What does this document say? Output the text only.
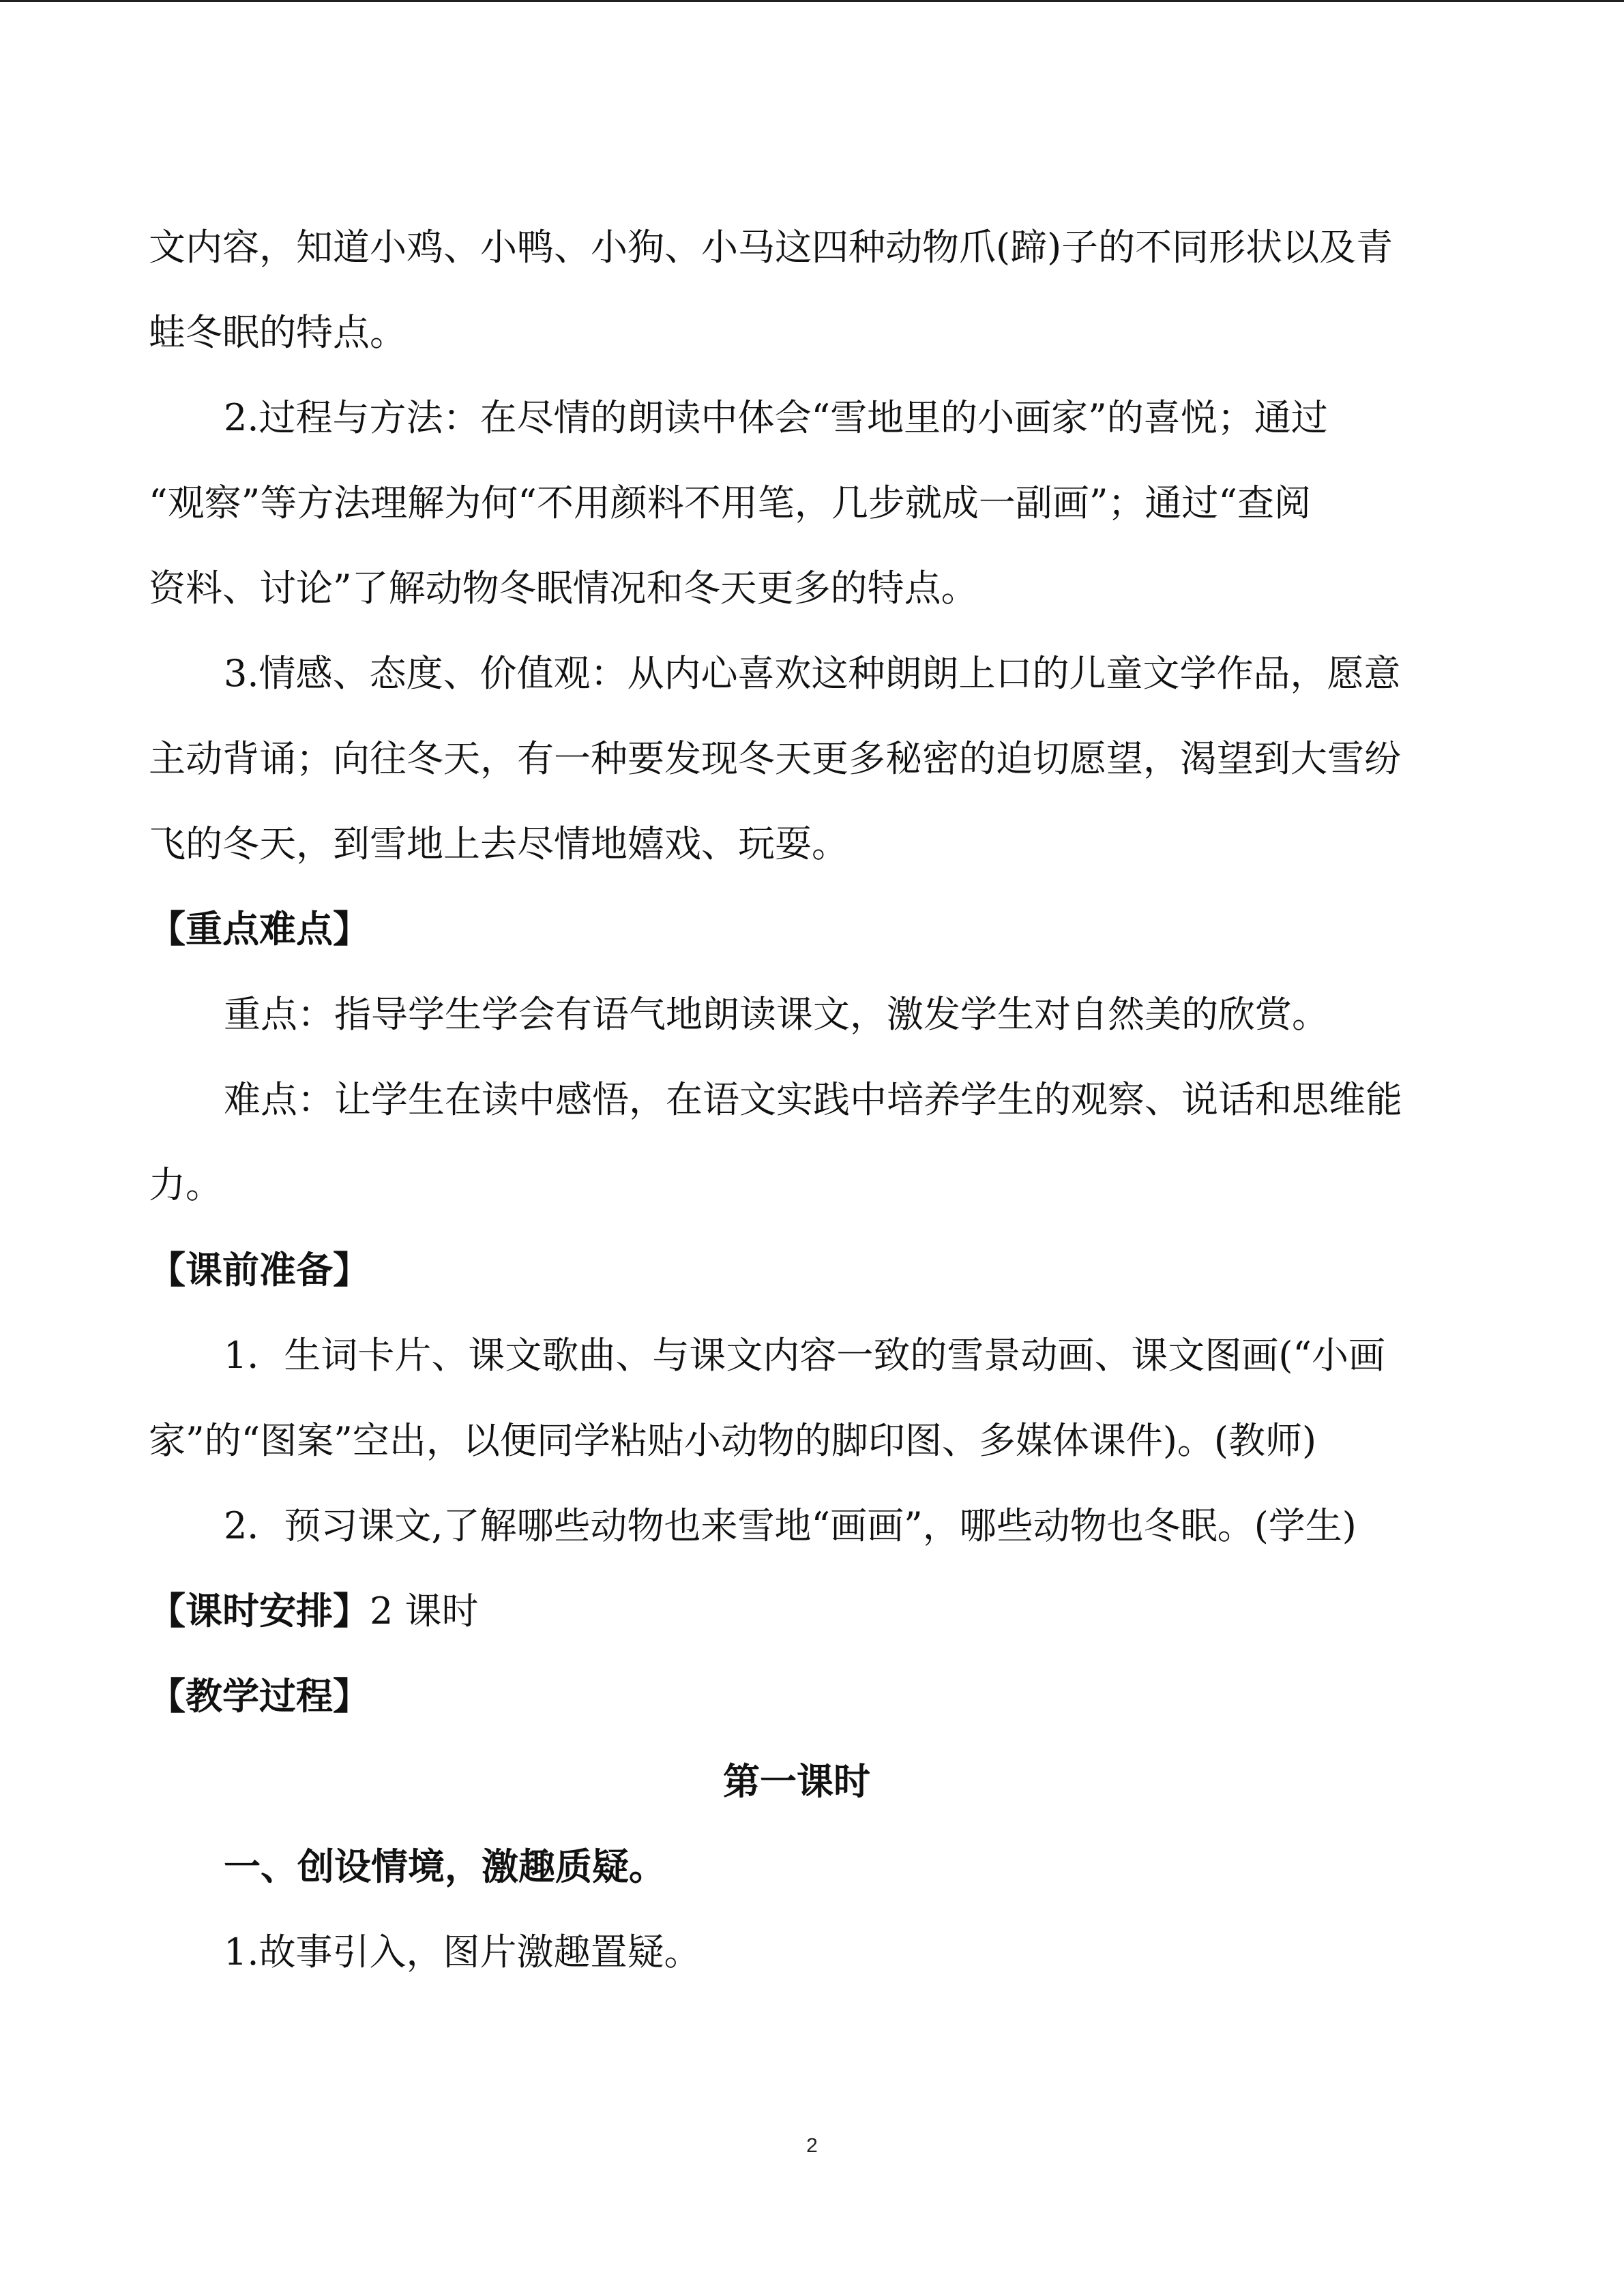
文内容，知道小鸡、小鸭、小狗、小马这四种动物爪(蹄)子的不同形状以及青
蛙冬眠的特点。
2.过程与方法：在尽情的朗读中体会“雪地里的小画家”的喜悦；通过
“观察”等方法理解为何“不用颜料不用笔，几步就成一副画”；通过“查阅
资料、讨论”了解动物冬眠情况和冬天更多的特点。
3.情感、态度、价值观：从内心喜欢这种朗朗上口的儿童文学作品，愿意
主动背诵；向往冬天，有一种要发现冬天更多秘密的迫切愿望，渴望到大雪纷
飞的冬天，到雪地上去尽情地嬉戏、玩耍。
【重点难点】
重点：指导学生学会有语气地朗读课文，激发学生对自然美的欣赏。
难点：让学生在读中感悟，在语文实践中培养学生的观察、说话和思维能
力。
【课前准备】
1．生词卡片、课文歌曲、与课文内容一致的雪景动画、课文图画(“小画
家”的“图案”空出，以便同学粘贴小动物的脚印图、多媒体课件)。(教师)
2．预习课文,了解哪些动物也来雪地“画画”，哪些动物也冬眠。(学生)
【课时安排】2 课时
【教学过程】
第一课时
一、创设情境，激趣质疑。
1.故事引入，图片激趣置疑。
2
